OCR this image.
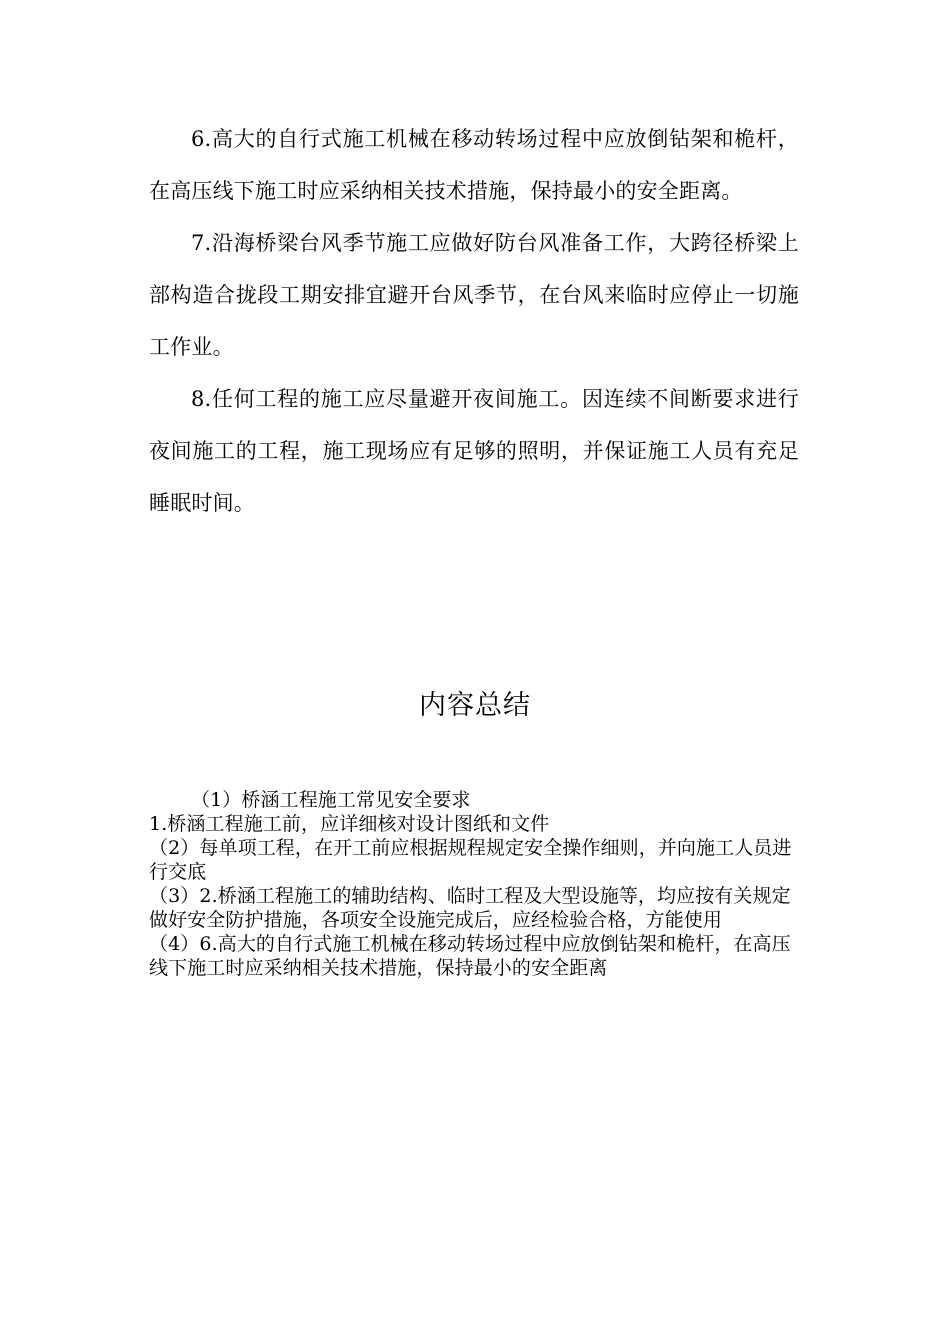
6.高大的自行式施工机械在移动转场过程中应放倒钻架和桅杆，在高压线下施工时应采纳相关技术措施，保持最小的安全距离。

7.沿海桥梁台风季节施工应做好防台风准备工作，大跨径桥梁上部构造合拢段工期安排宜避开台风季节，在台风来临时应停止一切施工作业。

8.任何工程的施工应尽量避开夜间施工。因连续不间断要求进行夜间施工的工程，施工现场应有足够的照明，并保证施工人员有充足睡眠时间。

内容总结

（1）桥涵工程施工常见安全要求

1.桥涵工程施工前，应详细核对设计图纸和文件

（2）每单项工程，在开工前应根据规程规定安全操作细则，并向施工人员进行交底

（3）2.桥涵工程施工的辅助结构、临时工程及大型设施等，均应按有关规定做好安全防护措施，各项安全设施完成后，应经检验合格，方能使用

（4）6.高大的自行式施工机械在移动转场过程中应放倒钻架和桅杆，在高压线下施工时应采纳相关技术措施，保持最小的安全距离
